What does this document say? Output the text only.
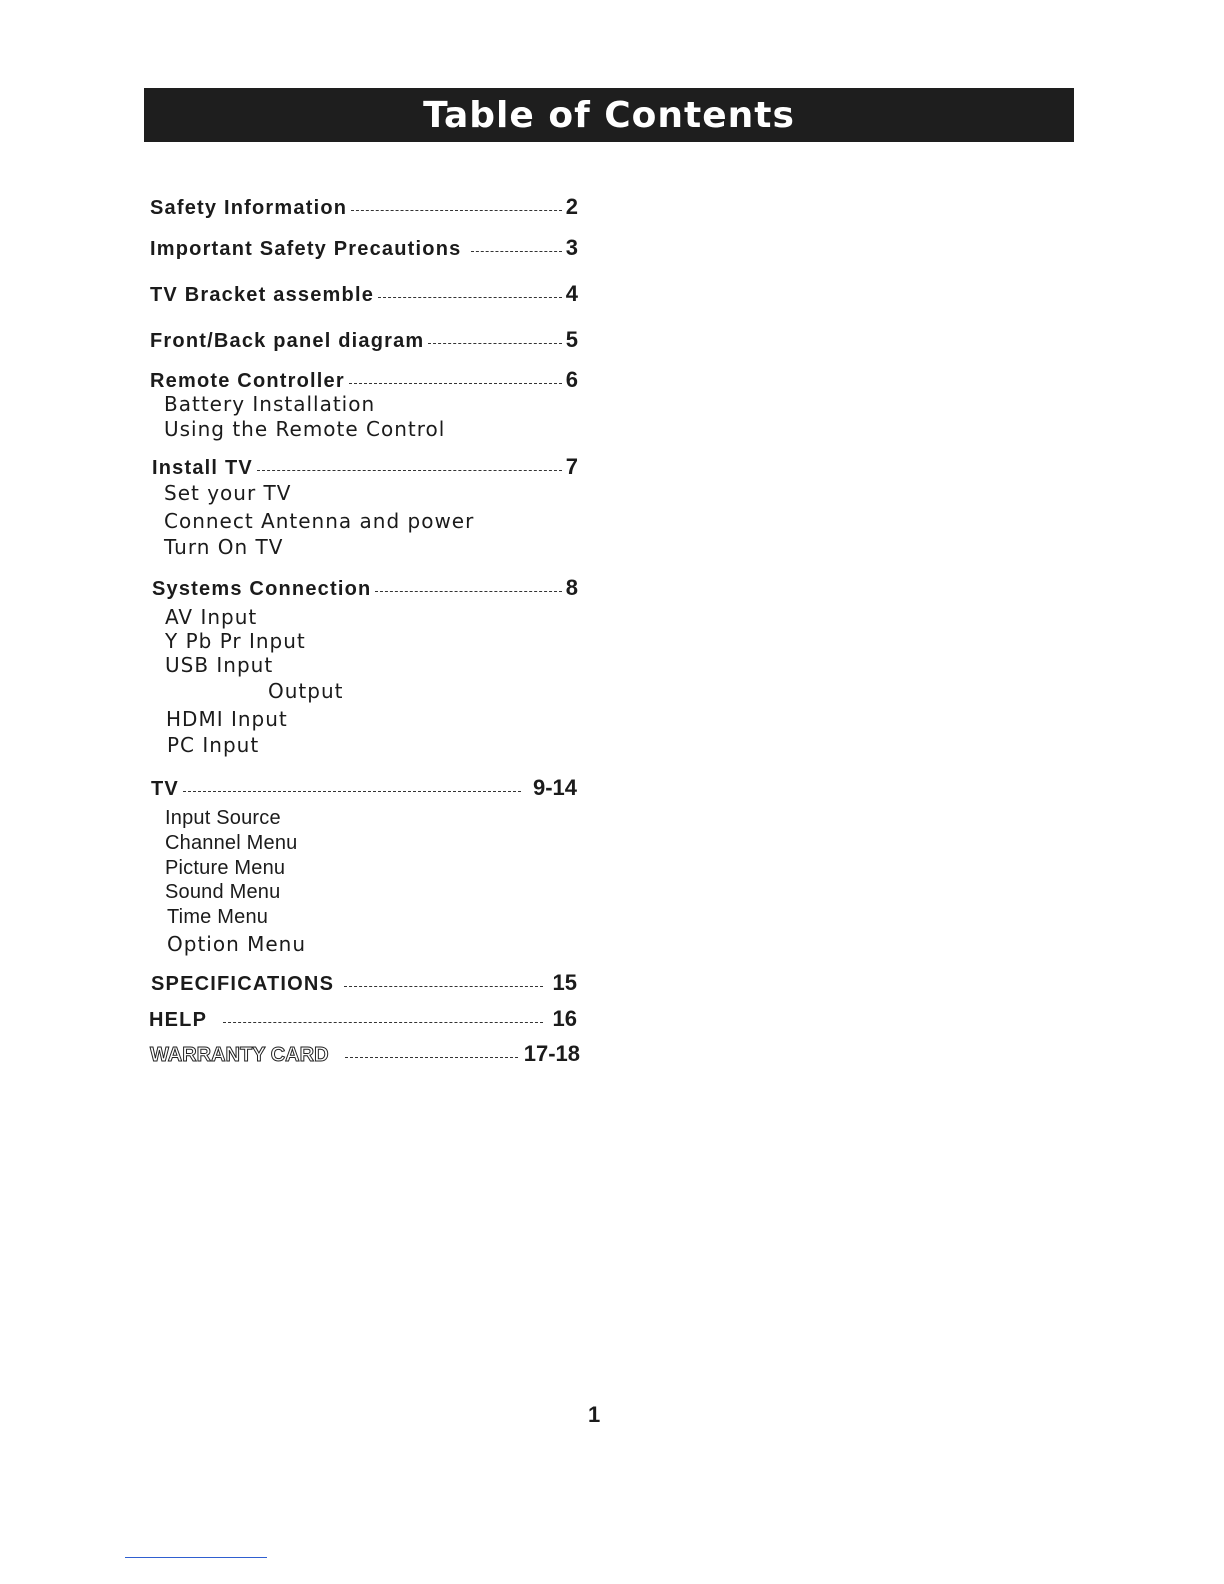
Table of Contents
Safety Information	2
Important Safety Precautions	3
TV Bracket assemble	4
Front/Back panel diagram	5
Remote Controller	6
Battery Installation
Using the Remote Control
Install TV	7
Set your TV
Connect Antenna and power
Turn On TV
Systems Connection	8
AV Input
Y Pb Pr Input
USB Input
Output
HDMI Input
PC Input
TV	9-14
Input Source
Channel Menu
Picture Menu
Sound Menu
Time Menu
Option Menu
SPECIFICATIONS	15
HELP	16
WARRANTY CARD	17-18
1
